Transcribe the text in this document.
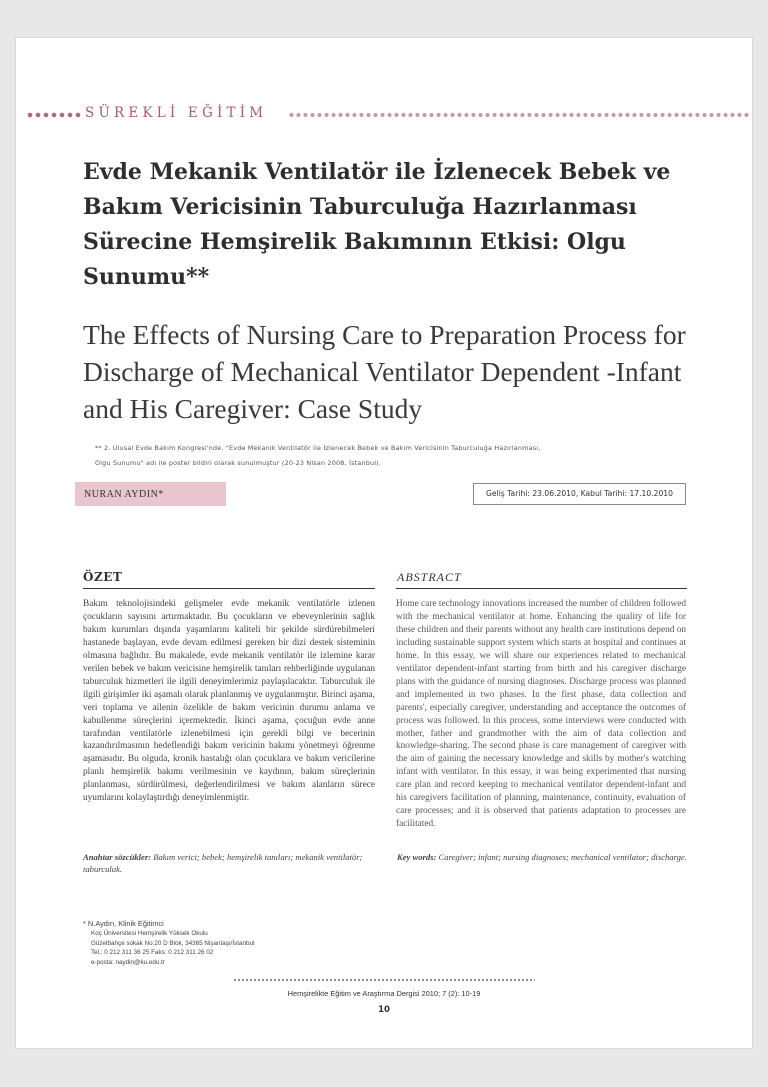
SÜREKLİ EĞİTİM
Evde Mekanik Ventilatör ile İzlenecek Bebek ve Bakım Vericisinin Taburculuğa Hazırlanması Sürecine Hemşirelik Bakımının Etkisi: Olgu Sunumu**
The Effects of Nursing Care to Preparation Process for Discharge of Mechanical Ventilator Dependent -Infant and His Caregiver: Case Study
** 2. Ulusal Evde Bakım Kongresi'nde, "Evde Mekanik Ventilatör ile İzlenecek Bebek ve Bakım Vericisinin Taburculuğa Hazırlanması,
Olgu Sunumu" adı ile poster bildiri olarak sunulmuştur (20-23 Nisan 2008, İstanbul).
NURAN AYDIN*	Geliş Tarihi: 23.06.2010, Kabul Tarihi: 17.10.2010
ÖZET	ABSTRACT
Bakım teknolojisindeki gelişmeler evde mekanik ventilatörle izlenen çocukların sayısını artırmaktadır. Bu çocukların ve ebeveynlerinin sağlık bakım kurumları dışında yaşamlarını kaliteli bir şekilde sürdürebilmeleri hastanede başlayan, evde devam edilmesi gereken bir dizi destek sisteminin olmasına bağlıdır. Bu makalede, evde mekanik ventilatör ile izlemine karar verilen bebek ve bakım vericisine hemşirelik tanıları rehberliğinde uygulanan taburculuk hizmetleri ile ilgili deneyimlerimiz paylaşılacaktır. Taburculuk ile ilgili girişimler iki aşamalı olarak planlanmış ve uygulanmıştır. Birinci aşama, veri toplama ve ailenin özelikle de bakım vericinin durumu anlama ve kabullenme süreçlerini içermektedir. İkinci aşama, çocuğun evde anne tarafından ventilatörle izlenebilmesi için gerekli bilgi ve becerinin kazandırılmasının hedeflendiği bakım vericinin bakımı yönetmeyi öğrenme aşamasıdır. Bu olguda, kronik hastalığı olan çocuklara ve bakım vericilerine planlı hemşirelik bakımı verilmesinin ve kaydının, bakım süreçlerinin planlanması, sürdürülmesi, değerlendirilmesi ve bakım alanların sürece uyumlarını kolaylaştırdığı deneyimlenmiştir.
Home care technology innovations increased the number of children followed with the mechanical ventilator at home. Enhancing the quality of life for these children and their parents without any health care institutions depend on including sustainable support system which starts at hospital and continues at home. In this essay, we will share our experiences related to mechanical ventilator dependent-infant starting from birth and his caregiver discharge plans with the guidance of nursing diagnoses. Discharge process was planned and implemented in two phases. In the first phase, data collection and parents', especially caregiver, understanding and acceptance the outcomes of process was followed. In this process, some interviews were conducted with mother, father and grandmother with the aim of data collection and knowledge-sharing. The second phase is care management of caregiver with the aim of gaining the necessary knowledge and skills by mother's watching infant with ventilator. In this essay, it was being experimented that nursing care plan and record keeping to mechanical ventilator dependent-infant and his caregivers facilitation of planning, maintenance, continuity, evaluation of care processes; and it is observed that patients adaptation to processes are facilitated.
Anahtar sözcükler: Bakım verici; bebek; hemşirelik tanıları; mekanik ventilatör; taburculuk.
Key words: Caregiver; infant; nursing diagnoses; mechanical ventilator; discharge.
* N.Aydın, Klinik Eğitimci
Koç Üniversitesi Hemşirelik Yüksek Okulu
Güzelbahçe sokak No:20 D Blok, 34365 Nişantaşı/İstanbul
Tel.: 0 212 311 36 25 Faks: 0 212 311 26 02
e-posta: naydin@ku.edu.tr
Hemşirelikte Eğitim ve Araştırma Dergisi 2010; 7 (2): 10-19
10
